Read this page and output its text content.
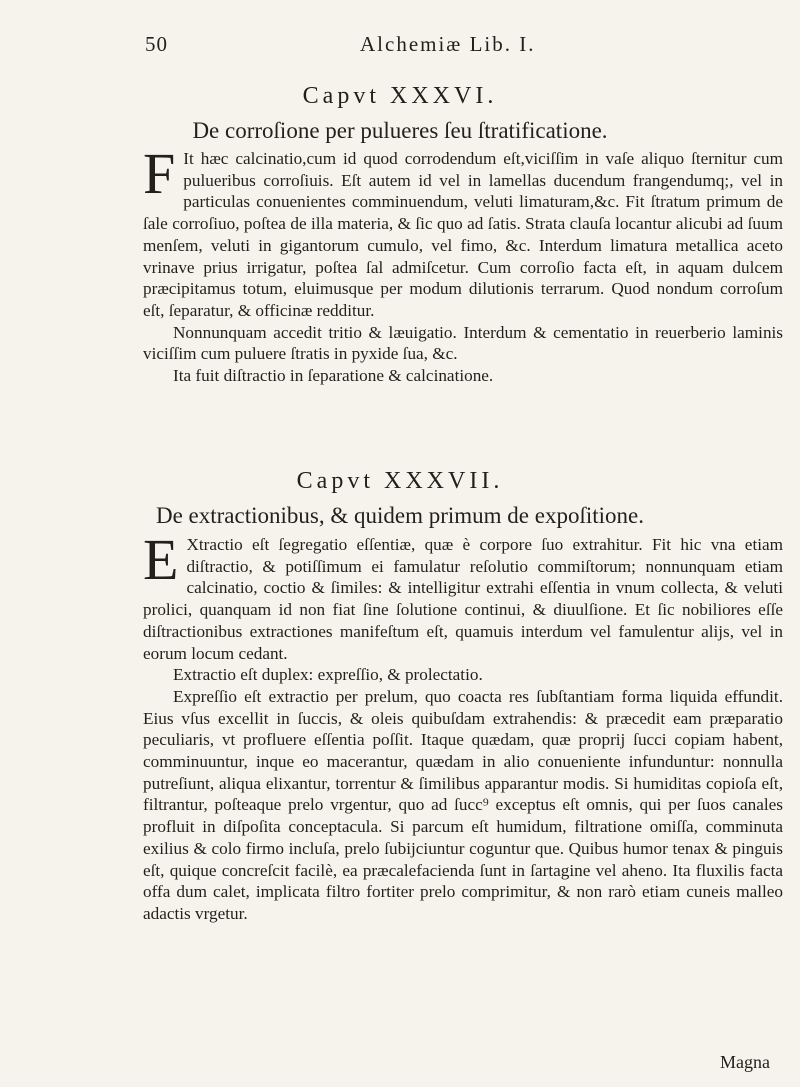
50	Alchemiæ Lib. I.
Capvt XXXVI.
De corroſione per pulueres ſeu ſtratificatione.

F It hæc calcinatio,cum id quod corrodendum eſt,viciſſim in vaſe aliquo ſternitur cum pulueribus corroſiuis. Eſt autem id vel in lamellas ducendum frangendumq;, vel in particulas conuenientes comminuendum, veluti limaturam,&c. Fit ſtratum primum de ſale corroſiuo, poſtea de illa materia, & ſic quo ad ſatis. Strata clauſa locantur alicubi ad ſuum menſem, veluti in gigantorum cumulo, vel fimo, &c. Interdum limatura metallica aceto vrinave prius irrigatur, poſtea ſal admiſcetur. Cum corroſio facta eſt, in aquam dulcem præcipitamus totum, eluimusque per modum dilutionis terrarum. Quod nondum corroſum eſt, ſeparatur, & officinæ redditur.

Nonnunquam accedit tritio & læuigatio. Interdum & cementatio in reuerberio laminis viciſſim cum puluere ſtratis in pyxide ſua, &c.

Ita fuit diſtractio in ſeparatione & calcinatione.

Capvt XXXVII.
De extractionibus, & quidem primum de expoſitione.

E Xtractio eſt ſegregatio eſſentiæ, quæ è corpore ſuo extrahitur. Fit hic vna etiam diſtractio, & potiſſimum ei famulatur reſolutio commiſtorum; nonnunquam etiam calcinatio, coctio & ſimiles: & intelligitur extrahi eſſentia in vnum collecta, & veluti prolici, quanquam id non fiat ſine ſolutione continui, & diuulſione. Et ſic nobiliores eſſe diſtractionibus extractiones manifeſtum eſt, quamuis interdum vel famulentur alijs, vel in eorum locum cedant.

Extractio eſt duplex: expreſſio, & prolectatio.

Expreſſio eſt extractio per prelum, quo coacta res ſubſtantiam forma liquida effundit. Eius vſus excellit in ſuccis, & oleis quibuſdam extrahendis: & præcedit eam præparatio peculiaris, vt profluere eſſentia poſſit. Itaque quædam, quæ proprij ſucci copiam habent, comminuuntur, inque eo macerantur, quædam in alio conueniente infunduntur: nonnulla putreſiunt, aliqua elixantur, torrentur & ſimilibus apparantur modis. Si humiditas copioſa eſt, filtrantur, poſteaque prelo vrgentur, quo ad ſucc⁹ exceptus eſt omnis, qui per ſuos canales profluit in diſpoſita conceptacula. Si parcum eſt humidum, filtratione omiſſa, comminuta exilius & colo firmo incluſa, prelo ſubijciuntur coguntur que. Quibus humor tenax & pinguis eſt, quique concreſcit facilè, ea præcalefacienda ſunt in ſartagine vel aheno. Ita fluxilis facta offa dum calet, implicata filtro fortiter prelo comprimitur, & non rarò etiam cuneis malleo adactis vrgetur.

Magna
